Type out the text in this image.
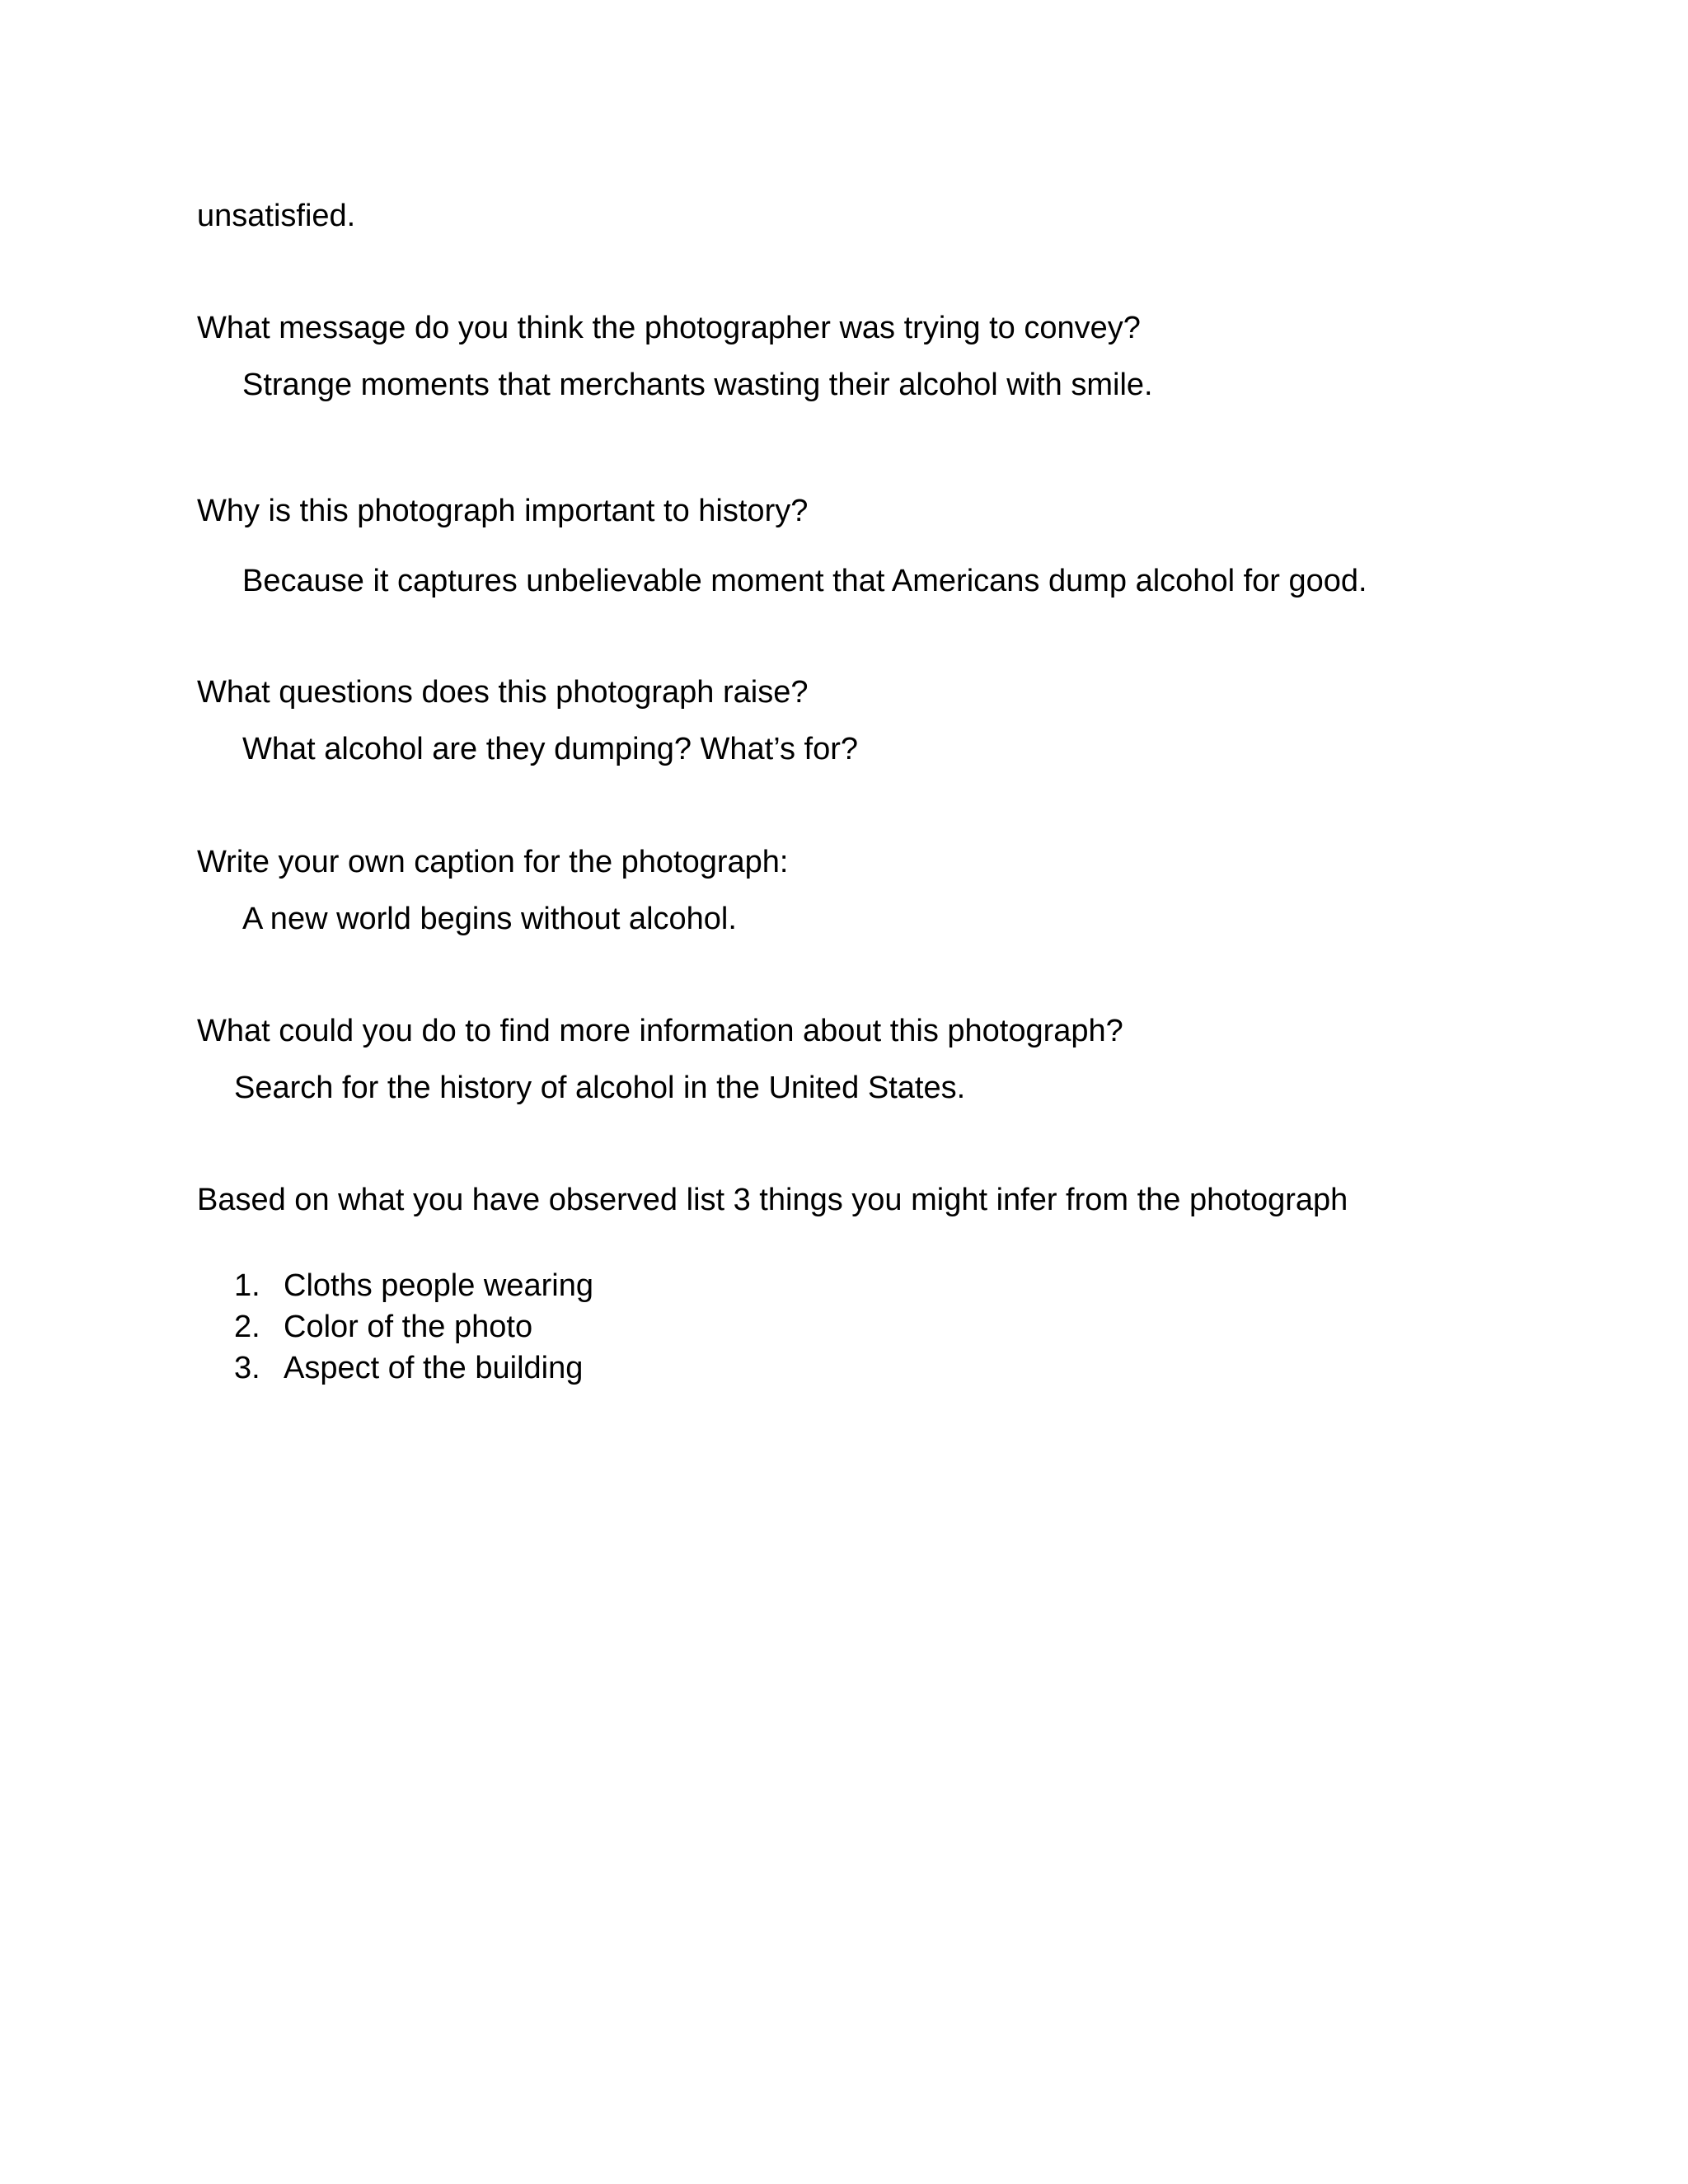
unsatisfied.

What message do you think the photographer was trying to convey?

Strange moments that merchants wasting their alcohol with smile.

Why is this photograph important to history?

Because it captures unbelievable moment that Americans dump alcohol for good.

What questions does this photograph raise?

What alcohol are they dumping? What’s for?

Write your own caption for the photograph:

A new world begins without alcohol.

What could you do to find more information about this photograph?

Search for the history of alcohol in the United States.

Based on what you have observed list 3 things you might infer from the photograph

1. Cloths people wearing
2. Color of the photo
3. Aspect of the building
